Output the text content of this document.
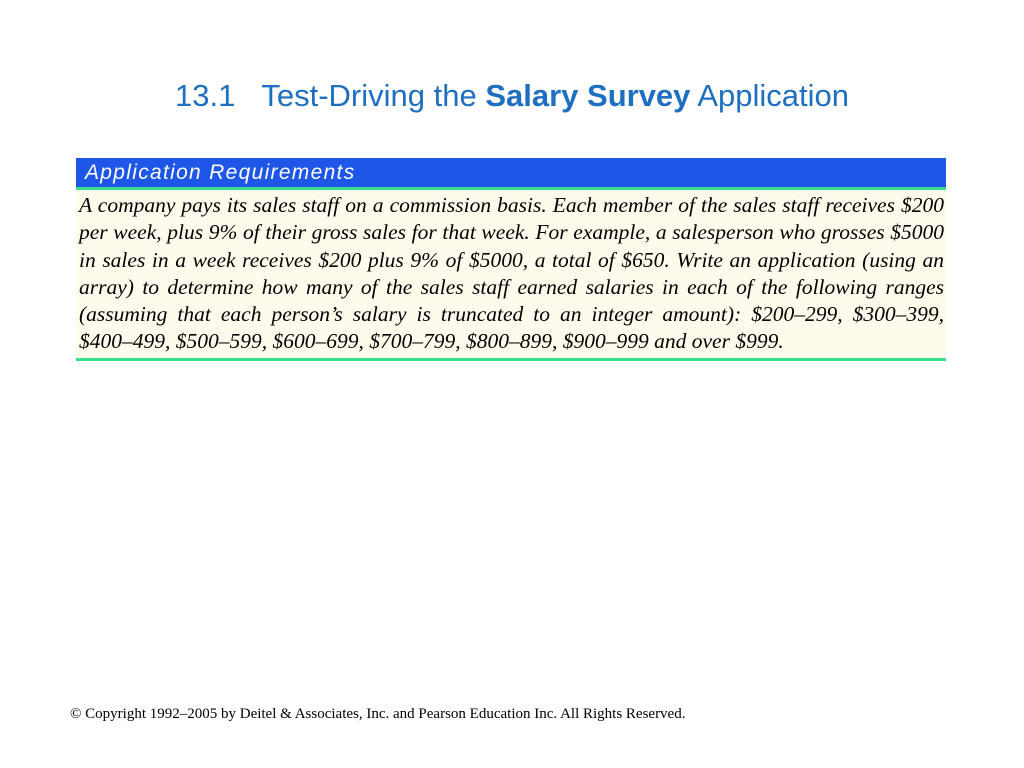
13.1 Test-Driving the Salary Survey Application
Application Requirements
A company pays its sales staff on a commission basis. Each member of the sales staff receives $200 per week, plus 9% of their gross sales for that week. For example, a salesperson who grosses $5000 in sales in a week receives $200 plus 9% of $5000, a total of $650. Write an application (using an array) to determine how many of the sales staff earned salaries in each of the following ranges (assuming that each person’s salary is truncated to an integer amount): $200–299, $300–399, $400–499, $500–599, $600–699, $700–799, $800–899, $900–999 and over $999.
© Copyright 1992–2005 by Deitel & Associates, Inc. and Pearson Education Inc. All Rights Reserved.
